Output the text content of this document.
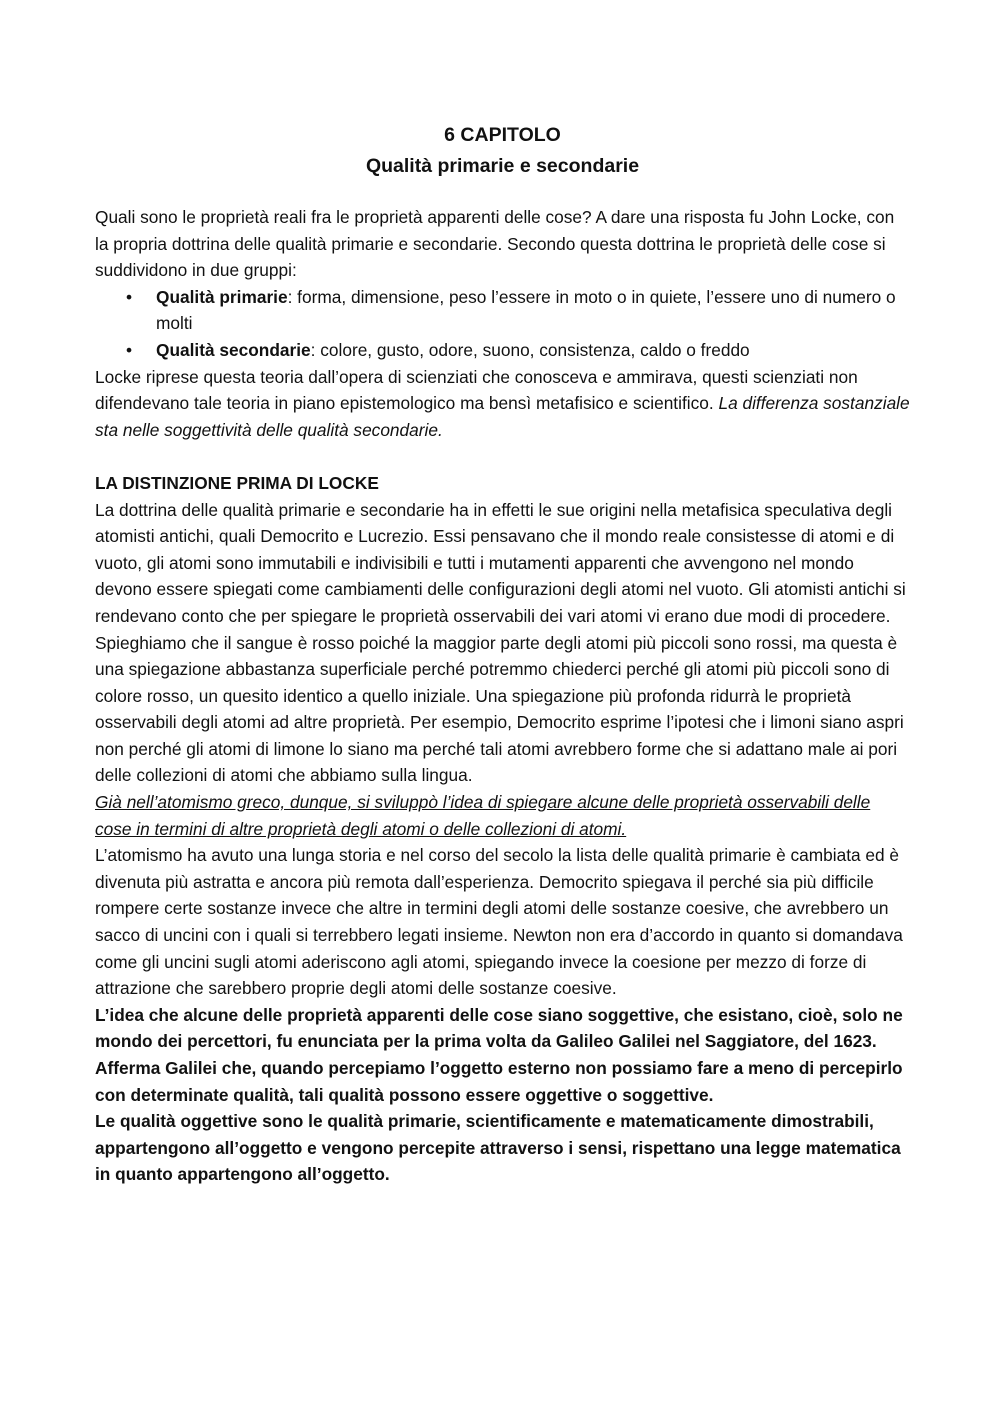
6 CAPITOLO

Qualità primarie e secondarie

Quali sono le proprietà reali fra le proprietà apparenti delle cose? A dare una risposta fu John Locke, con la propria dottrina delle qualità primarie e secondarie. Secondo questa dottrina le proprietà delle cose si suddividono in due gruppi:

• Qualità primarie: forma, dimensione, peso l’essere in moto o in quiete, l’essere uno di numero o molti
• Qualità secondarie: colore, gusto, odore, suono, consistenza, caldo o freddo

Locke riprese questa teoria dall’opera di scienziati che conosceva e ammirava, questi scienziati non difendevano tale teoria in piano epistemologico ma bensì metafisico e scientifico. La differenza sostanziale sta nelle soggettività delle qualità secondarie.

LA DISTINZIONE PRIMA DI LOCKE

La dottrina delle qualità primarie e secondarie ha in effetti le sue origini nella metafisica speculativa degli atomisti antichi, quali Democrito e Lucrezio. Essi pensavano che il mondo reale consistesse di atomi e di vuoto, gli atomi sono immutabili e indivisibili e tutti i mutamenti apparenti che avvengono nel mondo devono essere spiegati come cambiamenti delle configurazioni degli atomi nel vuoto. Gli atomisti antichi si rendevano conto che per spiegare le proprietà osservabili dei vari atomi vi erano due modi di procedere. Spieghiamo che il sangue è rosso poiché la maggior parte degli atomi più piccoli sono rossi, ma questa è una spiegazione abbastanza superficiale perché potremmo chiederci perché gli atomi più piccoli sono di colore rosso, un quesito identico a quello iniziale. Una spiegazione più profonda ridurrà le proprietà osservabili degli atomi ad altre proprietà. Per esempio, Democrito esprime l’ipotesi che i limoni siano aspri non perché gli atomi di limone lo siano ma perché tali atomi avrebbero forme che si adattano male ai pori delle collezioni di atomi che abbiamo sulla lingua.

Già nell’atomismo greco, dunque, si sviluppò l’idea di spiegare alcune delle proprietà osservabili delle cose in termini di altre proprietà degli atomi o delle collezioni di atomi.

L’atomismo ha avuto una lunga storia e nel corso del secolo la lista delle qualità primarie è cambiata ed è divenuta più astratta e ancora più remota dall’esperienza. Democrito spiegava il perché sia più difficile rompere certe sostanze invece che altre in termini degli atomi delle sostanze coesive, che avrebbero un sacco di uncini con i quali si terrebbero legati insieme. Newton non era d’accordo in quanto si domandava come gli uncini sugli atomi aderiscono agli atomi, spiegando invece la coesione per mezzo di forze di attrazione che sarebbero proprie degli atomi delle sostanze coesive.

L’idea che alcune delle proprietà apparenti delle cose siano soggettive, che esistano, cioè, solo ne mondo dei percettori, fu enunciata per la prima volta da Galileo Galilei nel Saggiatore, del 1623. Afferma Galilei che, quando percepiamo l’oggetto esterno non possiamo fare a meno di percepirlo con determinate qualità, tali qualità possono essere oggettive o soggettive.

Le qualità oggettive sono le qualità primarie, scientificamente e matematicamente dimostrabili, appartengono all’oggetto e vengono percepite attraverso i sensi, rispettano una legge matematica in quanto appartengono all’oggetto.
